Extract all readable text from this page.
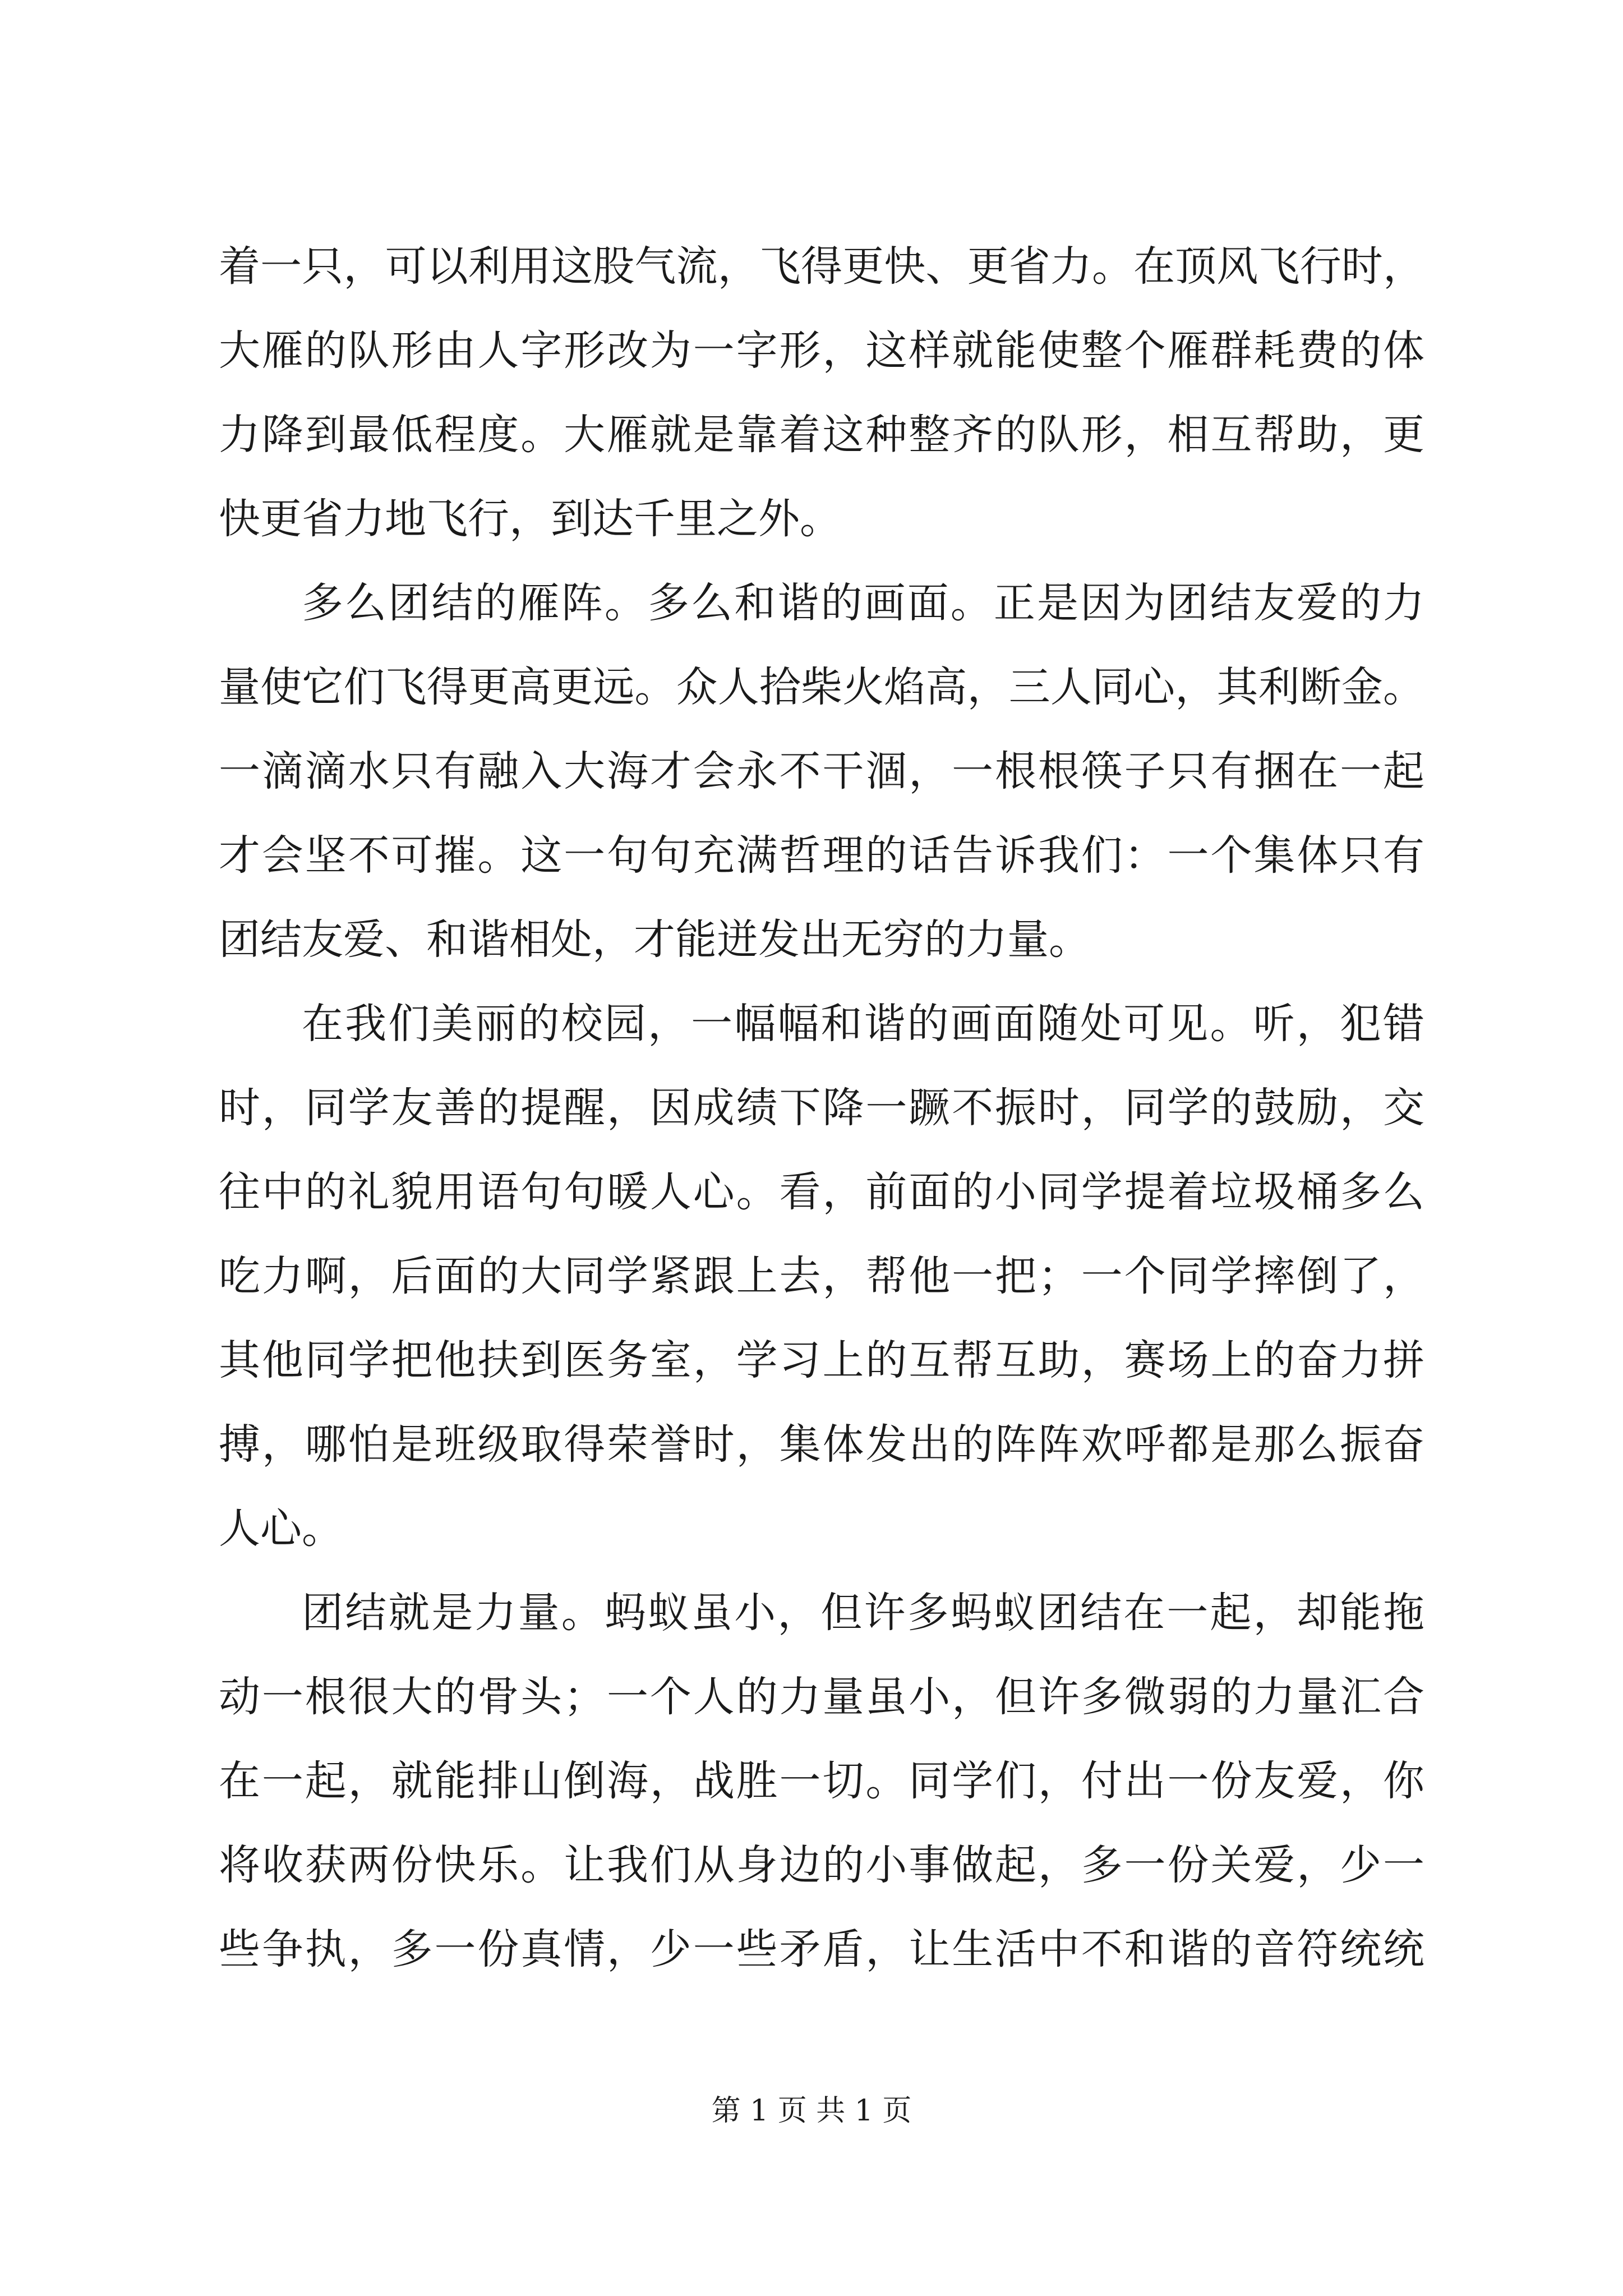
着一只，可以利用这股气流，飞得更快、更省力。在顶风飞行时，
大雁的队形由人字形改为一字形，这样就能使整个雁群耗费的体
力降到最低程度。大雁就是靠着这种整齐的队形，相互帮助，更
快更省力地飞行，到达千里之外。
多么团结的雁阵。多么和谐的画面。正是因为团结友爱的力
量使它们飞得更高更远。众人拾柴火焰高，三人同心，其利断金。
一滴滴水只有融入大海才会永不干涸，一根根筷子只有捆在一起
才会坚不可摧。这一句句充满哲理的话告诉我们：一个集体只有
团结友爱、和谐相处，才能迸发出无穷的力量。
在我们美丽的校园，一幅幅和谐的画面随处可见。听，犯错
时，同学友善的提醒，因成绩下降一蹶不振时，同学的鼓励，交
往中的礼貌用语句句暖人心。看，前面的小同学提着垃圾桶多么
吃力啊，后面的大同学紧跟上去，帮他一把；一个同学摔倒了，
其他同学把他扶到医务室，学习上的互帮互助，赛场上的奋力拼
搏，哪怕是班级取得荣誉时，集体发出的阵阵欢呼都是那么振奋
人心。
团结就是力量。蚂蚁虽小，但许多蚂蚁团结在一起，却能拖
动一根很大的骨头；一个人的力量虽小，但许多微弱的力量汇合
在一起，就能排山倒海，战胜一切。同学们，付出一份友爱，你
将收获两份快乐。让我们从身边的小事做起，多一份关爱，少一
些争执，多一份真情，少一些矛盾，让生活中不和谐的音符统统
第 1 页 共 1 页
